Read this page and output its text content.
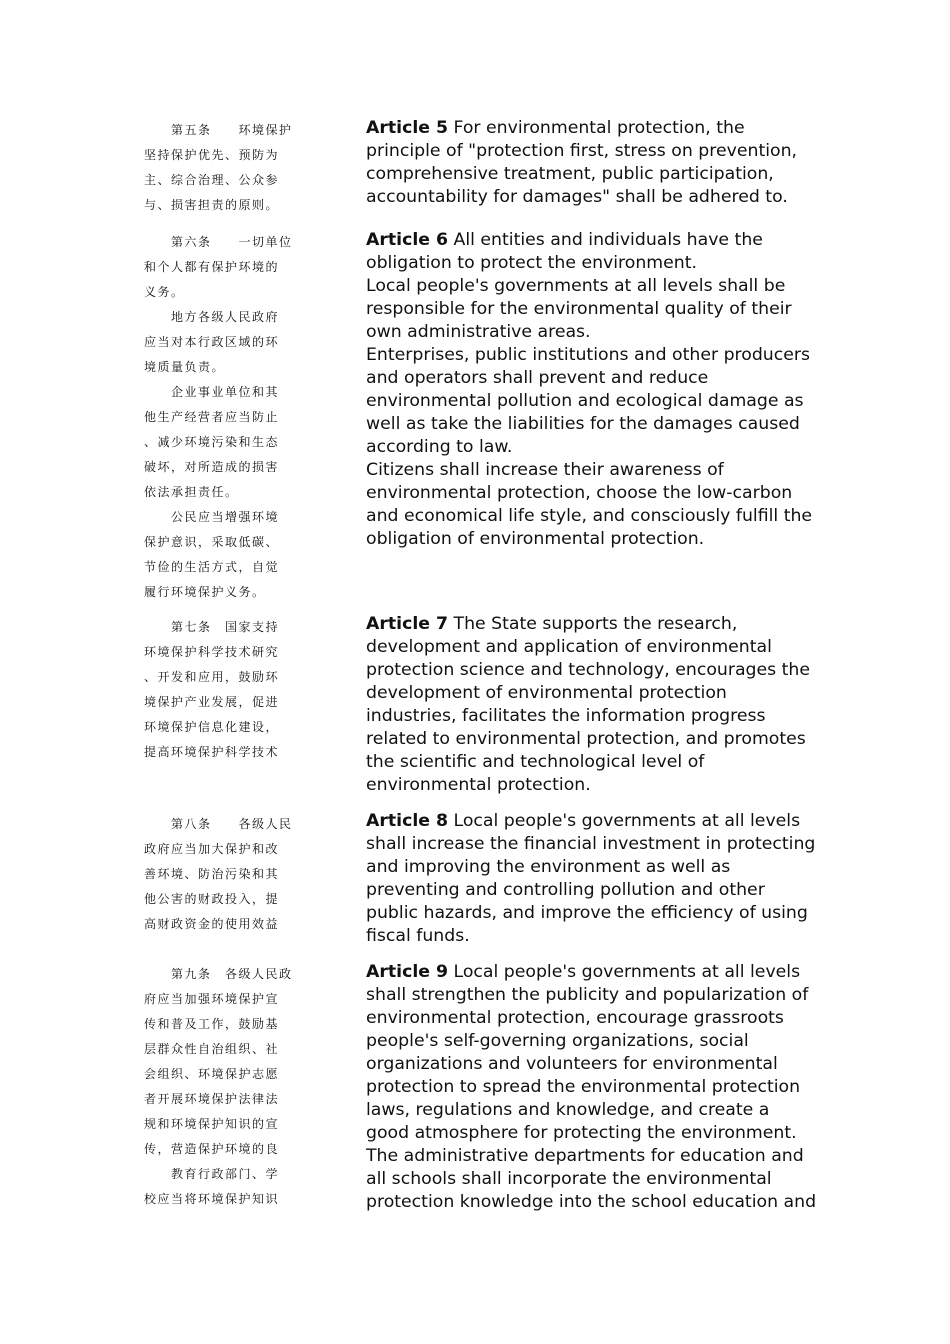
　　第五条　　环境保护
坚持保护优先、预防为
主、综合治理、公众参
与、损害担责的原则。
　　第六条　　一切单位
和个人都有保护环境的
义务。
　　地方各级人民政府
应当对本行政区域的环
境质量负责。
　　企业事业单位和其
他生产经营者应当防止
、减少环境污染和生态
破坏，对所造成的损害
依法承担责任。
　　公民应当增强环境
保护意识，采取低碳、
节俭的生活方式，自觉
履行环境保护义务。
　　第七条　国家支持
环境保护科学技术研究
、开发和应用，鼓励环
境保护产业发展，促进
环境保护信息化建设，
提高环境保护科学技术
　　第八条　　各级人民
政府应当加大保护和改
善环境、防治污染和其
他公害的财政投入，提
高财政资金的使用效益
　　第九条　各级人民政
府应当加强环境保护宣
传和普及工作，鼓励基
层群众性自治组织、社
会组织、环境保护志愿
者开展环境保护法律法
规和环境保护知识的宣
传，营造保护环境的良
　　教育行政部门、学
校应当将环境保护知识
Article 5 For environmental protection, the
principle of "protection first, stress on prevention,
comprehensive treatment, public participation,
accountability for damages" shall be adhered to.
Article 6 All entities and individuals have the
obligation to protect the environment.
Local people's governments at all levels shall be
responsible for the environmental quality of their
own administrative areas.
Enterprises, public institutions and other producers
and operators shall prevent and reduce
environmental pollution and ecological damage as
well as take the liabilities for the damages caused
according to law.
Citizens shall increase their awareness of
environmental protection, choose the low-carbon
and economical life style, and consciously fulfill the
obligation of environmental protection.
Article 7 The State supports the research,
development and application of environmental
protection science and technology, encourages the
development of environmental protection
industries, facilitates the information progress
related to environmental protection, and promotes
the scientific and technological level of
environmental protection.
Article 8 Local people's governments at all levels
shall increase the financial investment in protecting
and improving the environment as well as
preventing and controlling pollution and other
public hazards, and improve the efficiency of using
fiscal funds.
Article 9 Local people's governments at all levels
shall strengthen the publicity and popularization of
environmental protection, encourage grassroots
people's self-governing organizations, social
organizations and volunteers for environmental
protection to spread the environmental protection
laws, regulations and knowledge, and create a
good atmosphere for protecting the environment.
The administrative departments for education and
all schools shall incorporate the environmental
protection knowledge into the school education and
